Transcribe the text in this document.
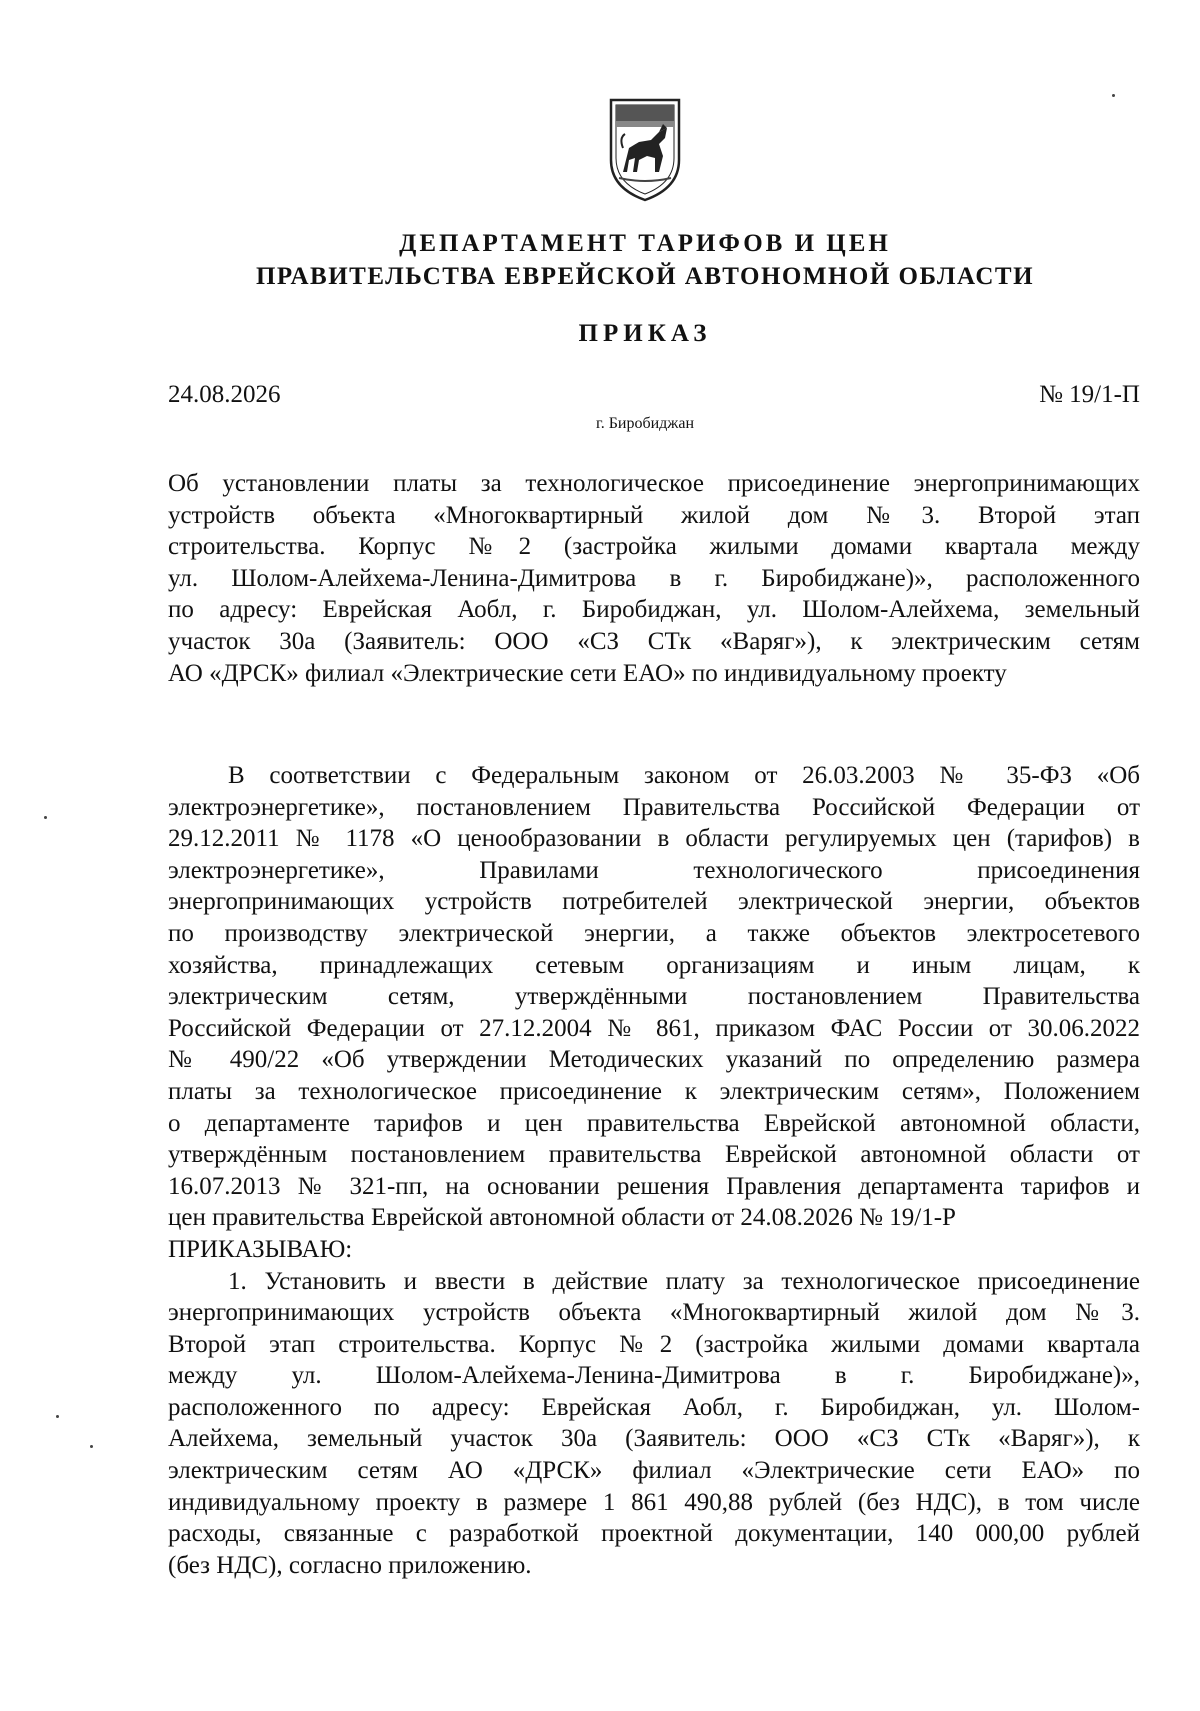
ДЕПАРТАМЕНТ ТАРИФОВ И ЦЕН
ПРАВИТЕЛЬСТВА ЕВРЕЙСКОЙ АВТОНОМНОЙ ОБЛАСТИ
ПРИКАЗ
24.08.2026	№ 19/1-П
г. Биробиджан
Об установлении платы за технологическое присоединение энергопринимающих
устройств объекта «Многоквартирный жилой дом №3. Второй этап
строительства. Корпус №2 (застройка жилыми домами квартала между
ул. Шолом-Алейхема-Ленина-Димитрова в г. Биробиджане)», расположенного
по адресу: Еврейская Аобл, г. Биробиджан, ул. Шолом-Алейхема, земельный
участок 30а (Заявитель: ООО «СЗ СТк «Варяг»), к электрическим сетям
АО «ДРСК» филиал «Электрические сети ЕАО» по индивидуальному проекту
В соответствии с Федеральным законом от 26.03.2003 № 35-ФЗ «Об
электроэнергетике», постановлением Правительства Российской Федерации от
29.12.2011 № 1178 «О ценообразовании в области регулируемых цен (тарифов) в
электроэнергетике», Правилами технологического присоединения
энергопринимающих устройств потребителей электрической энергии, объектов
по производству электрической энергии, а также объектов электросетевого
хозяйства, принадлежащих сетевым организациям и иным лицам, к
электрическим сетям, утверждёнными постановлением Правительства
Российской Федерации от 27.12.2004 № 861, приказом ФАС России от 30.06.2022
№ 490/22 «Об утверждении Методических указаний по определению размера
платы за технологическое присоединение к электрическим сетям», Положением
о департаменте тарифов и цен правительства Еврейской автономной области,
утверждённым постановлением правительства Еврейской автономной области от
16.07.2013 № 321-пп, на основании решения Правления департамента тарифов и
цен правительства Еврейской автономной области от 24.08.2026 № 19/1-Р
ПРИКАЗЫВАЮ:
1. Установить и ввести в действие плату за технологическое присоединение
энергопринимающих устройств объекта «Многоквартирный жилой дом №3.
Второй этап строительства. Корпус №2 (застройка жилыми домами квартала
между ул. Шолом-Алейхема-Ленина-Димитрова в г. Биробиджане)»,
расположенного по адресу: Еврейская Аобл, г. Биробиджан, ул. Шолом-
Алейхема, земельный участок 30а (Заявитель: ООО «СЗ СТк «Варяг»), к
электрическим сетям АО «ДРСК» филиал «Электрические сети ЕАО» по
индивидуальному проекту в размере 1 861 490,88 рублей (без НДС), в том числе
расходы, связанные с разработкой проектной документации, 140 000,00 рублей
(без НДС), согласно приложению.
